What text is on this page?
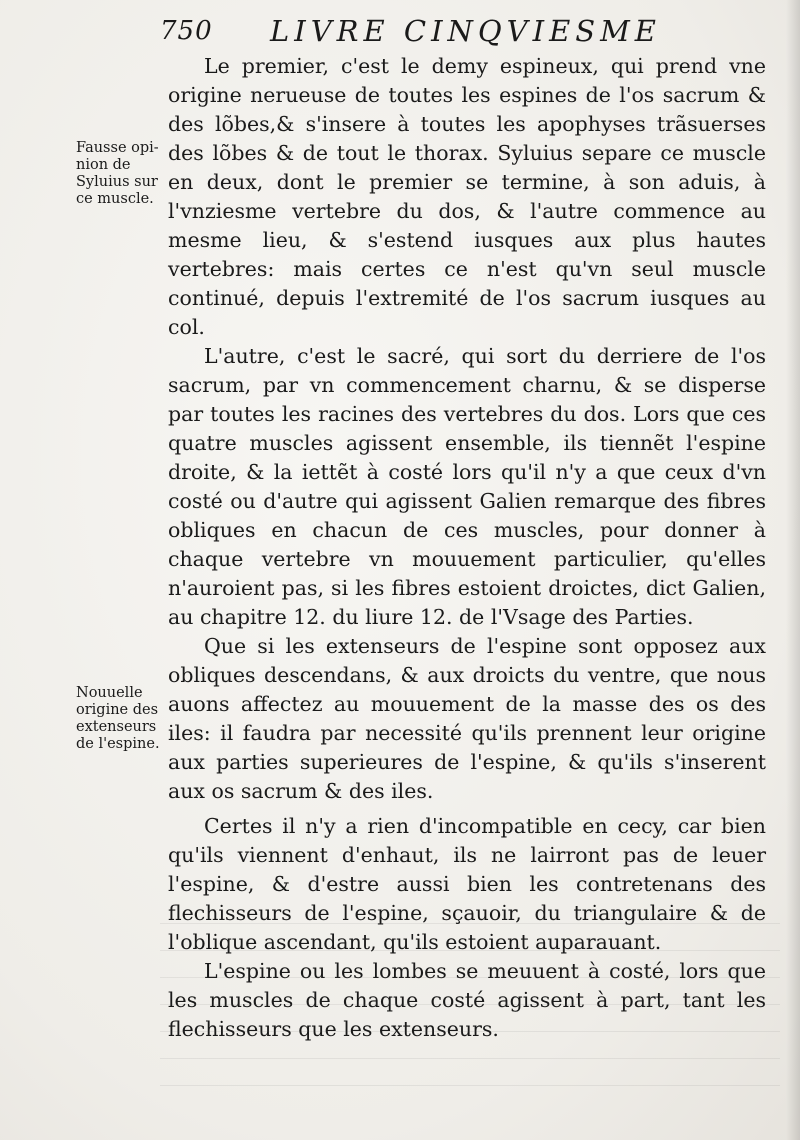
750 LIVRE CINQVIESME
Fausse opi-nion de Syluius sur ce muscle.
Nouuelle origine des extenseurs de l'espine.

Le premier, c'est le demy espineux, qui prend vne origine nerueuse de toutes les espines de l'os sacrum & des lõbes,& s'insere à toutes les apophyses trãsuerses des lõbes & de tout le thorax. Syluius separe ce muscle en deux, dont le premier se termine, à son aduis, à l'vnziesme vertebre du dos, & l'autre commence au mesme lieu, & s'estend iusques aux plus hautes vertebres: mais certes ce n'est qu'vn seul muscle continué, depuis l'extremité de l'os sacrum iusques au col.

L'autre, c'est le sacré, qui sort du derriere de l'os sacrum, par vn commencement charnu, & se disperse par toutes les racines des vertebres du dos. Lors que ces quatre muscles agissent ensemble, ils tiennẽt l'espine droite, & la iettẽt à costé lors qu'il n'y a que ceux d'vn costé ou d'autre qui agissent Galien remarque des fibres obliques en chacun de ces muscles, pour donner à chaque vertebre vn mouuement particulier, qu'elles n'auroient pas, si les fibres estoient droictes, dict Galien, au chapitre 12. du liure 12. de l'Vsage des Parties.

Que si les extenseurs de l'espine sont opposez aux obliques descendans, & aux droicts du ventre, que nous auons affectez au mouuement de la masse des os des iles: il faudra par necessité qu'ils prennent leur origine aux parties superieures de l'espine, & qu'ils s'inserent aux os sacrum & des iles.

Certes il n'y a rien d'incompatible en cecy, car bien qu'ils viennent d'enhaut, ils ne lairront pas de leuer l'espine, & d'estre aussi bien les contretenans des flechisseurs de l'espine, sçauoir, du triangulaire & de l'oblique ascendant, qu'ils estoient auparauant.

L'espine ou les lombes se meuuent à costé, lors que les muscles de chaque costé agissent à part, tant les flechisseurs que les extenseurs.
